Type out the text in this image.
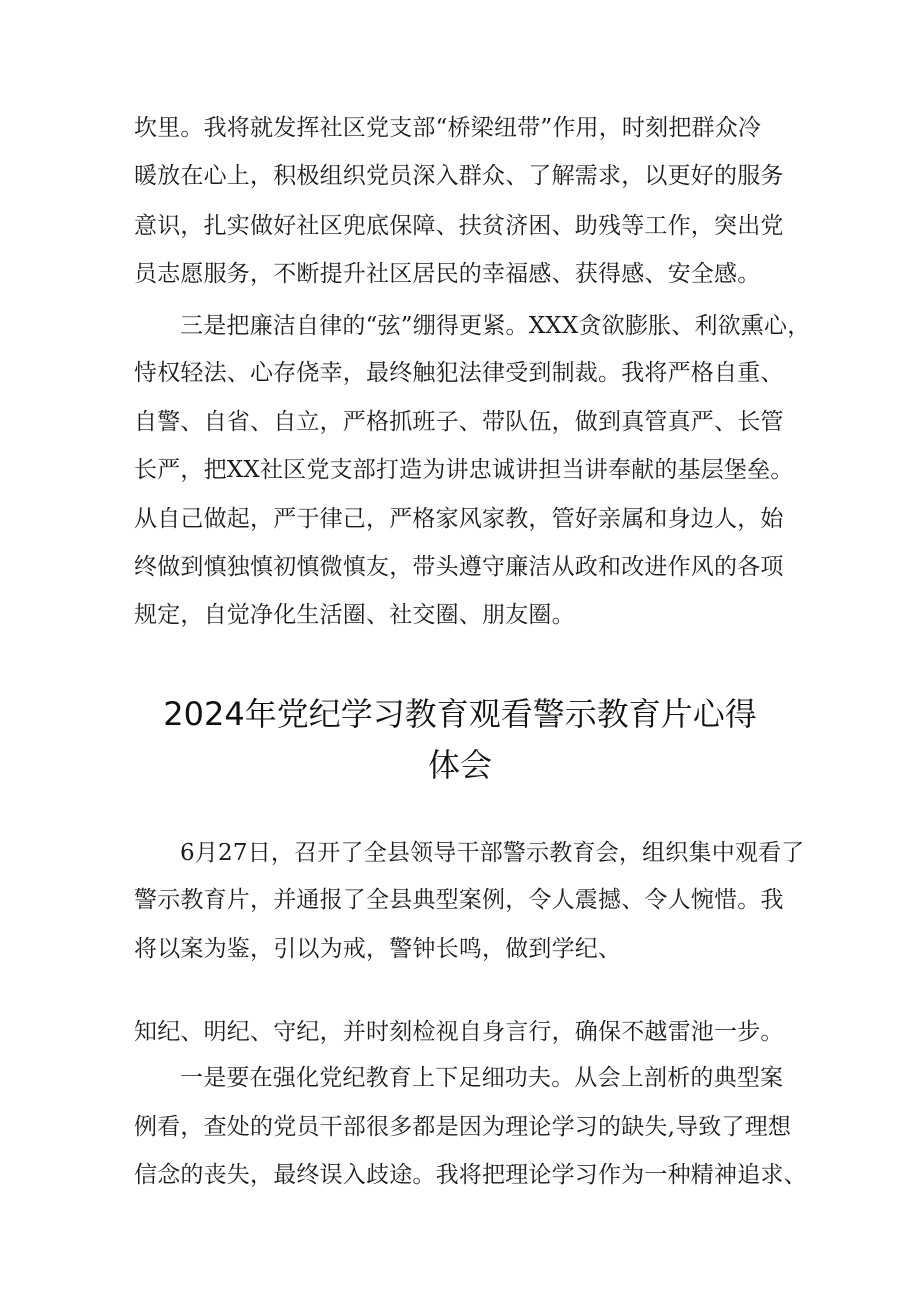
坎里。我将就发挥社区党支部“桥梁纽带”作用，时刻把群众冷
暖放在心上，积极组织党员深入群众、了解需求，以更好的服务
意识，扎实做好社区兜底保障、扶贫济困、助残等工作，突出党
员志愿服务，不断提升社区居民的幸福感、获得感、安全感。
三是把廉洁自律的“弦”绷得更紧。XXX贪欲膨胀、利欲熏心，
恃权轻法、心存侥幸，最终触犯法律受到制裁。我将严格自重、
自警、自省、自立，严格抓班子、带队伍，做到真管真严、长管
长严，把XX社区党支部打造为讲忠诚讲担当讲奉献的基层堡垒。
从自己做起，严于律己，严格家风家教，管好亲属和身边人，始
终做到慎独慎初慎微慎友，带头遵守廉洁从政和改进作风的各项
规定，自觉净化生活圈、社交圈、朋友圈。
2024年党纪学习教育观看警示教育片心得
体会
6月27日，召开了全县领导干部警示教育会，组织集中观看了
警示教育片，并通报了全县典型案例，令人震撼、令人惋惜。我
将以案为鉴，引以为戒，警钟长鸣，做到学纪、
知纪、明纪、守纪，并时刻检视自身言行，确保不越雷池一步。
一是要在强化党纪教育上下足细功夫。从会上剖析的典型案
例看，查处的党员干部很多都是因为理论学习的缺失,导致了理想
信念的丧失，最终误入歧途。我将把理论学习作为一种精神追求、
